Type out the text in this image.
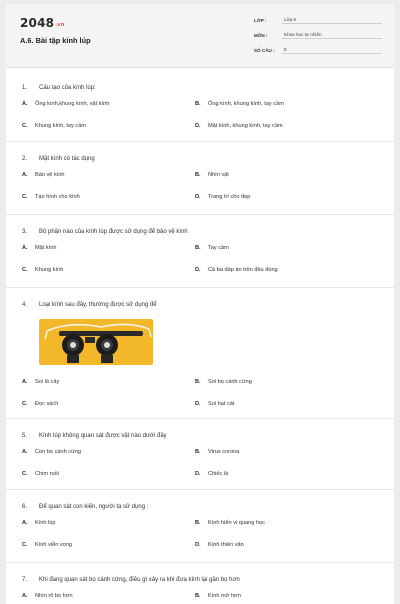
2048.vn
A.6. Bài tập kính lúp
LỚP :	Lớp 6
MÔN :	Khoa học tự nhiên
SỐ CÂU :	8
1.	Cấu tạo của kính lúp:
A.	Ống kính,khung kính, vật kính	B.	Ống kính, khung kính, tay cầm
C.	Khung kính, tay cầm	D.	Mặt kính, khung kính, tay cầm
2.	Mặt kính có tác dụng
A.	Bảo vệ kính	B.	Nhìn vật
C.	Tạo hình cho kính	D.	Trang trí cho đẹp
3.	Bộ phận nào của kính lúp được sử dụng để bảo vệ kính
A.	Mặt kính	B.	Tay cầm
C.	Khung kính	D.	Cả ba đáp án trên đều đúng
4.	Loại kính sau đây, thường được sử dụng để
A.	Soi lá cây	B.	Soi bọ cánh cứng
C.	Đọc sách	D.	Soi hạt cát
5.	Kính lúp không quan sát được vật nào dưới đây
A.	Con bọ cánh cứng	B.	Virus corona
C.	Chim ruồi	D.	Chiếc lá
6.	Để quan sát con kiến, người ta sử dụng :
A.	Kính lúp	B.	Kính hiển vi quang học
C.	Kính viễn vọng	D.	Kính thiên văn
7.	Khi đang quan sát bọ cánh cứng, điều gì xảy ra khi đưa kính lại gần bọ hơn
A.	Nhìn rõ bọ hơn	B.	Kính mờ hơn
